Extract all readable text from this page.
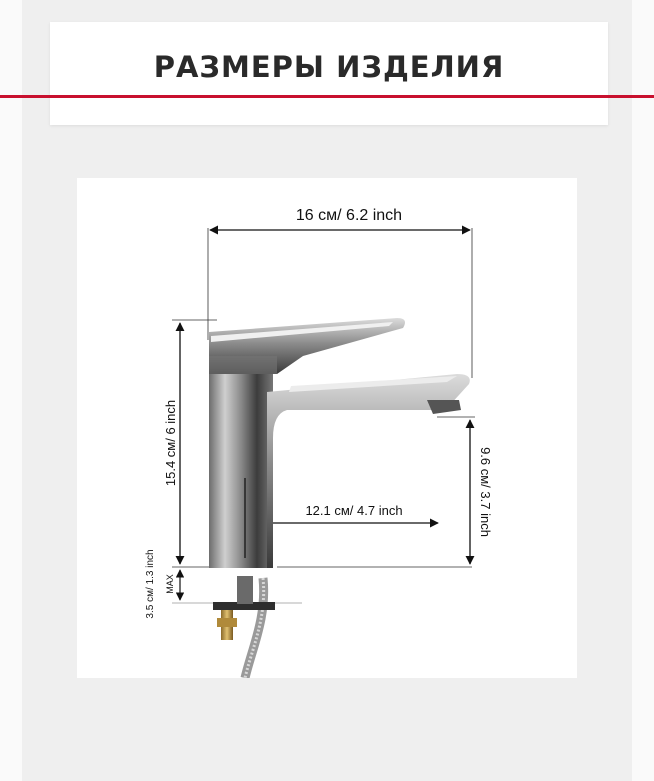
РАЗМЕРЫ ИЗДЕЛИЯ
16 см/ 6.2 inch
15.4 см/ 6 inch
12.1 см/ 4.7 inch	9.6 см/ 3.7 inch
3.5 см/ 1.3 inch MAX
